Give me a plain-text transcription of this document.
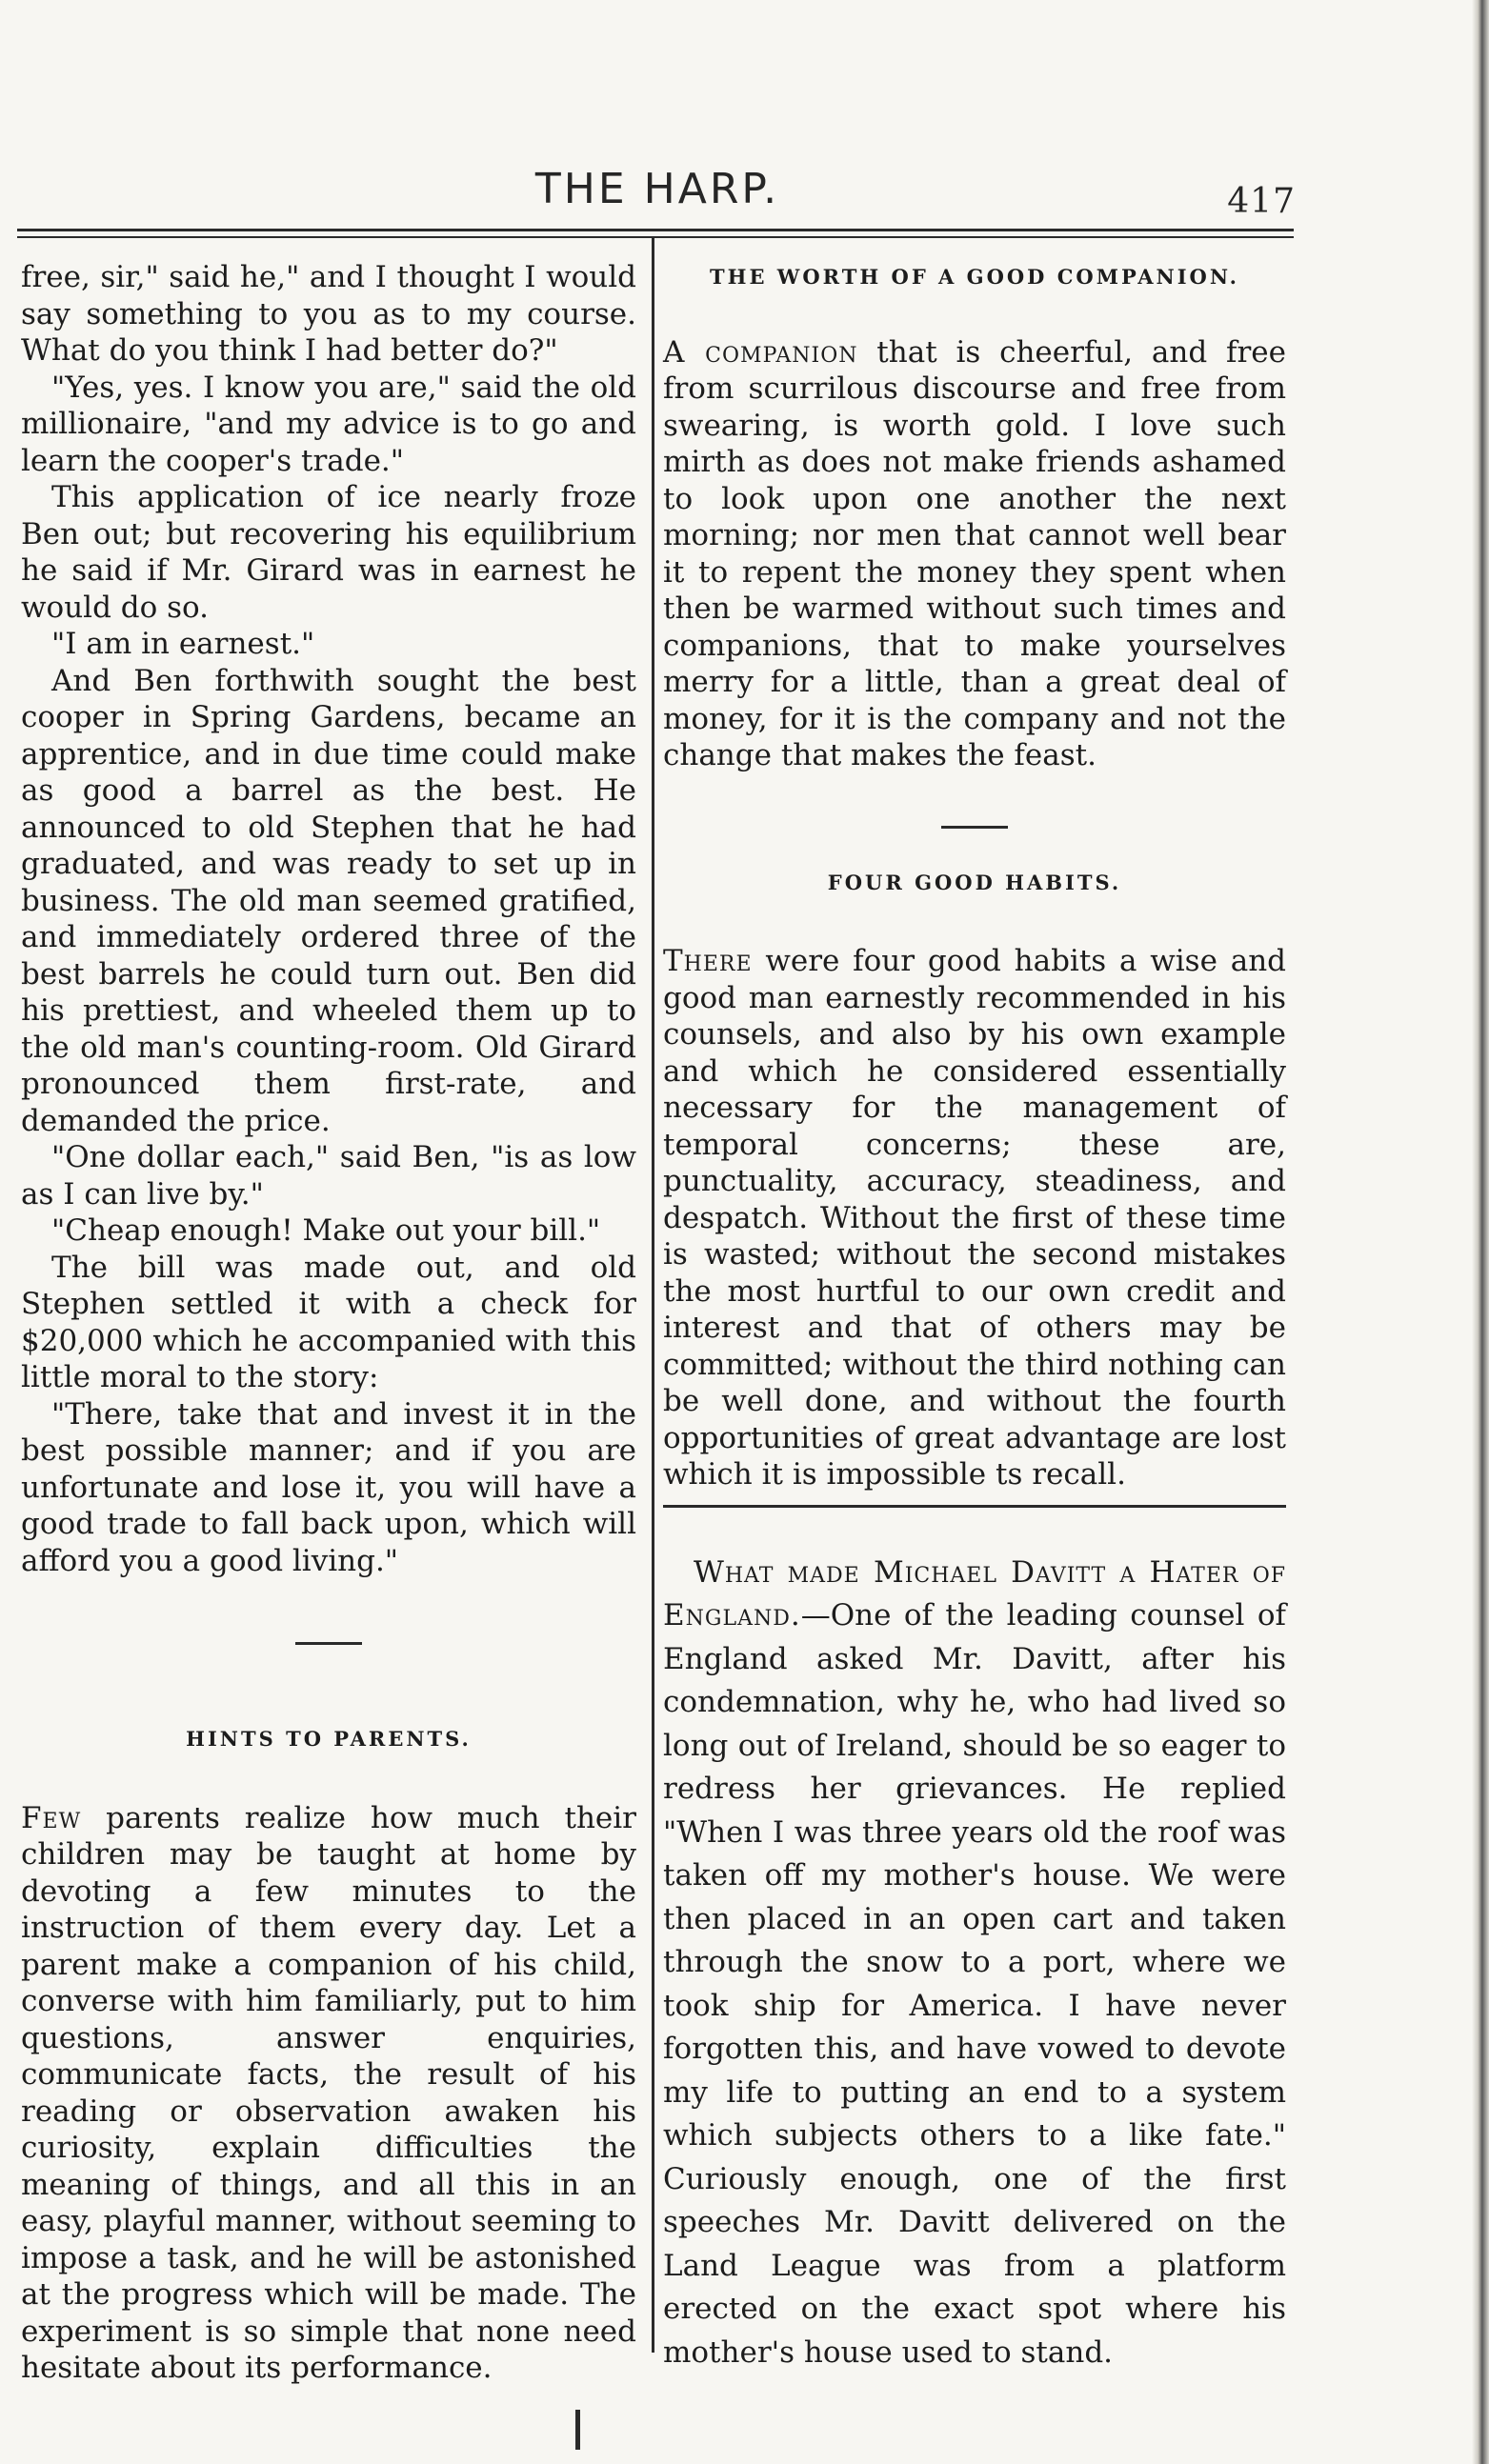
THE HARP.	417

free, sir," said he," and I thought I would say something to you as to my course. What do you think I had better do?"

"Yes, yes. I know you are," said the old millionaire, "and my advice is to go and learn the cooper's trade."

This application of ice nearly froze Ben out; but recovering his equilibrium he said if Mr. Girard was in earnest he would do so.

"I am in earnest."

And Ben forthwith sought the best cooper in Spring Gardens, became an apprentice, and in due time could make as good a barrel as the best. He announced to old Stephen that he had graduated, and was ready to set up in business. The old man seemed gratified, and immediately ordered three of the best barrels he could turn out. Ben did his prettiest, and wheeled them up to the old man's counting-room. Old Girard pronounced them first-rate, and demanded the price.

"One dollar each," said Ben, "is as low as I can live by."

"Cheap enough! Make out your bill."

The bill was made out, and old Stephen settled it with a check for $20,000 which he accompanied with this little moral to the story:

"There, take that and invest it in the best possible manner; and if you are unfortunate and lose it, you will have a good trade to fall back upon, which will afford you a good living."

HINTS TO PARENTS.

Few parents realize how much their children may be taught at home by devoting a few minutes to the instruction of them every day. Let a parent make a companion of his child, converse with him familiarly, put to him questions, answer enquiries, communicate facts, the result of his reading or observation awaken his curiosity, explain difficulties the meaning of things, and all this in an easy, playful manner, without seeming to impose a task, and he will be astonished at the progress which will be made. The experiment is so simple that none need hesitate about its performance.

THE WORTH OF A GOOD COMPANION.

A companion that is cheerful, and free from scurrilous discourse and free from swearing, is worth gold. I love such mirth as does not make friends ashamed to look upon one another the next morning; nor men that cannot well bear it to repent the money they spent when then be warmed without such times and companions, that to make yourselves merry for a little, than a great deal of money, for it is the company and not the change that makes the feast.

FOUR GOOD HABITS.

There were four good habits a wise and good man earnestly recommended in his counsels, and also by his own example and which he considered essentially necessary for the management of temporal concerns; these are, punctuality, accuracy, steadiness, and despatch. Without the first of these time is wasted; without the second mistakes the most hurtful to our own credit and interest and that of others may be committed; without the third nothing can be well done, and without the fourth opportunities of great advantage are lost which it is impossible ts recall.

What made Michael Davitt a Hater of England.—One of the leading counsel of England asked Mr. Davitt, after his condemnation, why he, who had lived so long out of Ireland, should be so eager to redress her grievances. He replied "When I was three years old the roof was taken off my mother's house. We were then placed in an open cart and taken through the snow to a port, where we took ship for America. I have never forgotten this, and have vowed to devote my life to putting an end to a system which subjects others to a like fate." Curiously enough, one of the first speeches Mr. Davitt delivered on the Land League was from a platform erected on the exact spot where his mother's house used to stand.
